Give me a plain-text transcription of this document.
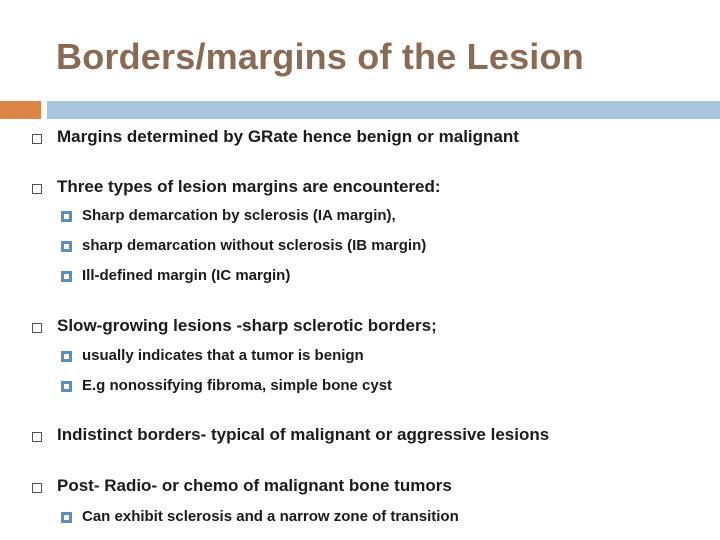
Borders/margins of the Lesion
Margins determined by GRate hence benign or malignant
Three types of lesion margins are encountered:
Sharp demarcation by sclerosis (IA margin),
sharp demarcation without sclerosis (IB margin)
Ill-defined margin (IC margin)
Slow-growing lesions -sharp sclerotic borders;
usually indicates that a tumor is benign
E.g nonossifying fibroma, simple bone cyst
Indistinct borders- typical of malignant or aggressive lesions
Post- Radio- or chemo of malignant bone tumors
Can exhibit sclerosis and a narrow zone of transition
